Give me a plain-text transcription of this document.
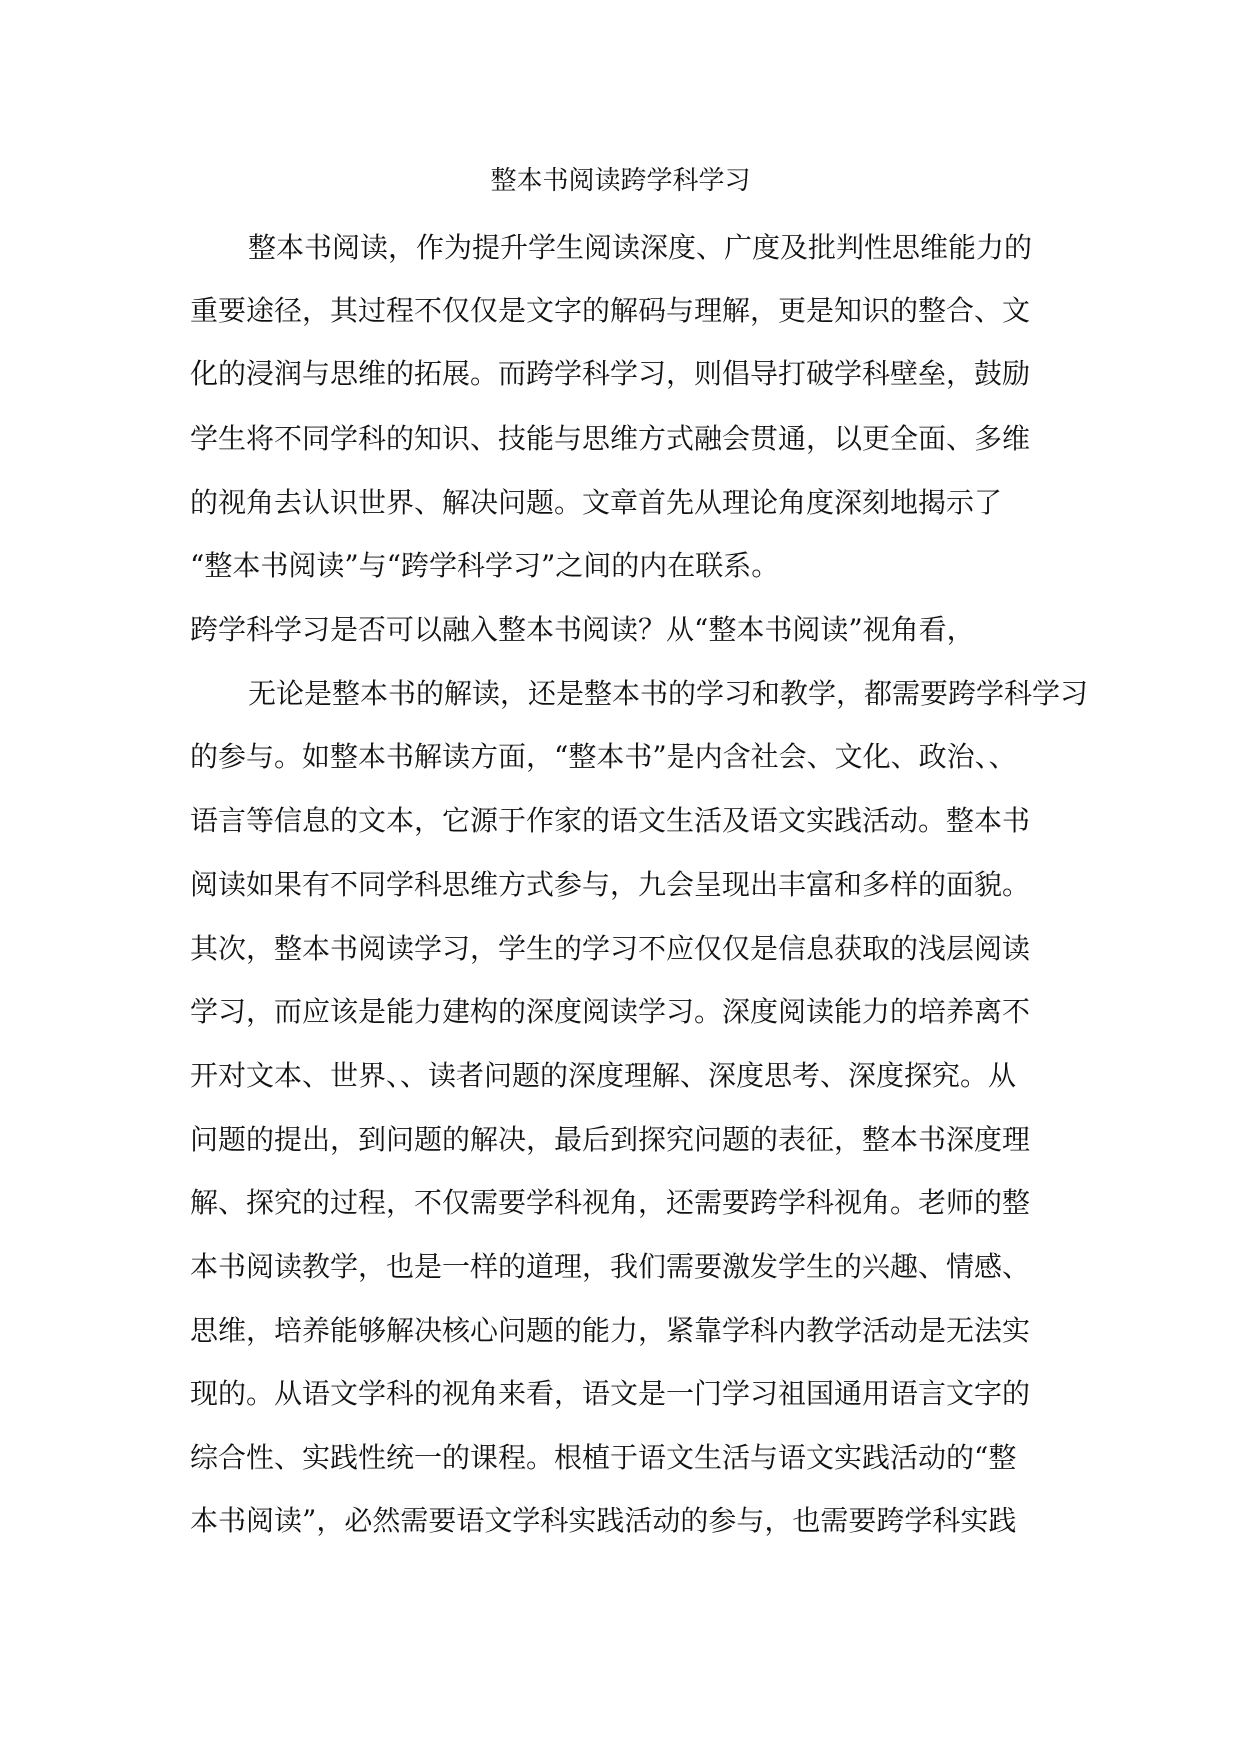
整本书阅读跨学科学习
整本书阅读，作为提升学生阅读深度、广度及批判性思维能力的
重要途径，其过程不仅仅是文字的解码与理解，更是知识的整合、文
化的浸润与思维的拓展。而跨学科学习，则倡导打破学科壁垒，鼓励
学生将不同学科的知识、技能与思维方式融会贯通，以更全面、多维
的视角去认识世界、解决问题。文章首先从理论角度深刻地揭示了
“整本书阅读”与“跨学科学习”之间的内在联系。
跨学科学习是否可以融入整本书阅读？从“整本书阅读”视角看，
无论是整本书的解读，还是整本书的学习和教学，都需要跨学科学习
的参与。如整本书解读方面，“整本书”是内含社会、文化、政治、、
语言等信息的文本，它源于作家的语文生活及语文实践活动。整本书
阅读如果有不同学科思维方式参与，九会呈现出丰富和多样的面貌。
其次，整本书阅读学习，学生的学习不应仅仅是信息获取的浅层阅读
学习，而应该是能力建构的深度阅读学习。深度阅读能力的培养离不
开对文本、世界、、读者问题的深度理解、深度思考、深度探究。从
问题的提出，到问题的解决，最后到探究问题的表征，整本书深度理
解、探究的过程，不仅需要学科视角，还需要跨学科视角。老师的整
本书阅读教学，也是一样的道理，我们需要激发学生的兴趣、情感、
思维，培养能够解决核心问题的能力，紧靠学科内教学活动是无法实
现的。从语文学科的视角来看，语文是一门学习祖国通用语言文字的
综合性、实践性统一的课程。根植于语文生活与语文实践活动的“整
本书阅读”，必然需要语文学科实践活动的参与，也需要跨学科实践
